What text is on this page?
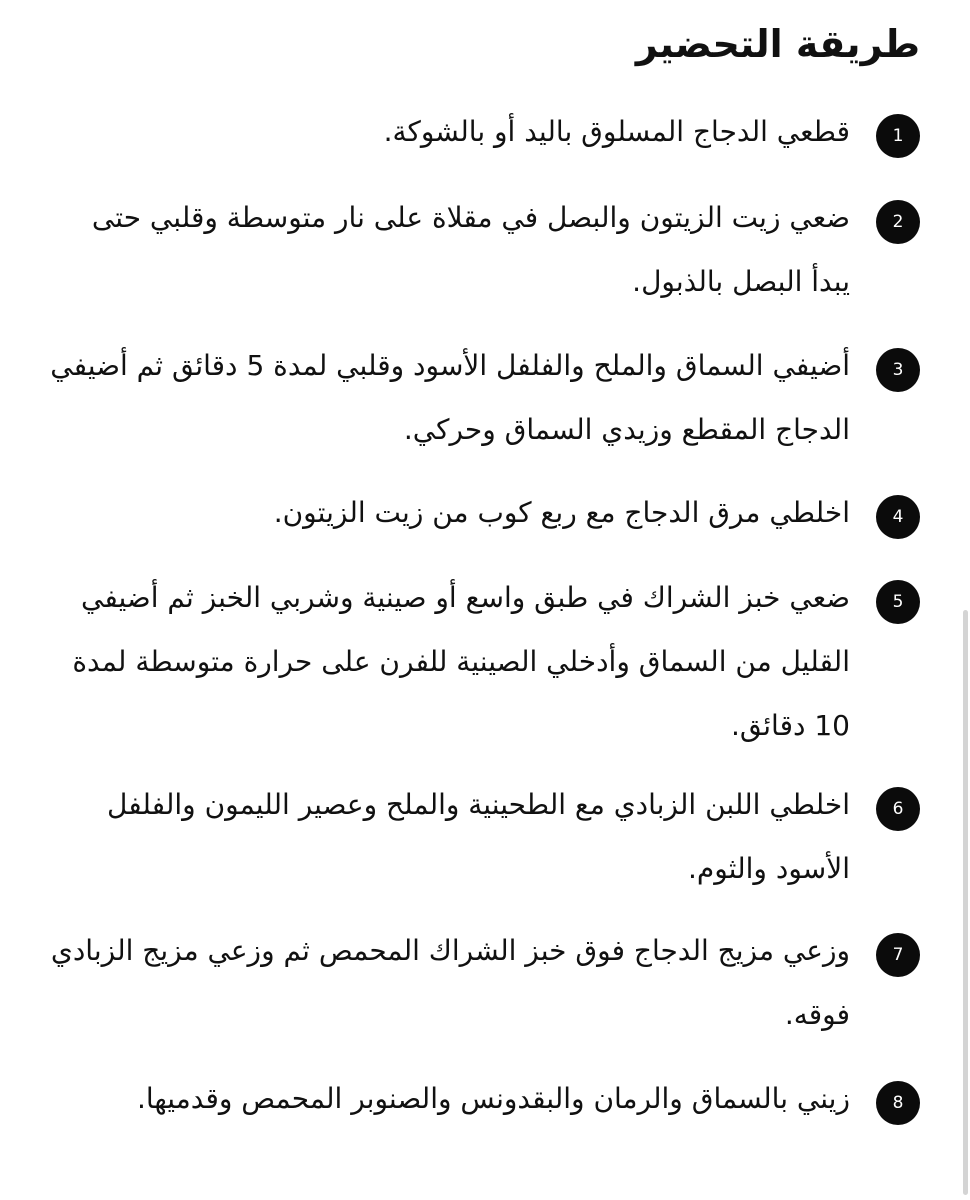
طريقة التحضير
1

قطعي الدجاج المسلوق باليد أو بالشوكة.

2

ضعي زيت الزيتون والبصل في مقلاة على نار متوسطة وقلبي حتى يبدأ البصل بالذبول.

3

أضيفي السماق والملح والفلفل الأسود وقلبي لمدة 5 دقائق ثم أضيفي الدجاج المقطع وزيدي السماق وحركي.

4

اخلطي مرق الدجاج مع ربع كوب من زيت الزيتون.

5

ضعي خبز الشراك في طبق واسع أو صينية وشربي الخبز ثم أضيفي القليل من السماق وأدخلي الصينية للفرن على حرارة متوسطة لمدة 10 دقائق.

6

اخلطي اللبن الزبادي مع الطحينية والملح وعصير الليمون والفلفل الأسود والثوم.

7

وزعي مزيج الدجاج فوق خبز الشراك المحمص ثم وزعي مزيج الزبادي فوقه.

8

زيني بالسماق والرمان والبقدونس والصنوبر المحمص وقدميها.
